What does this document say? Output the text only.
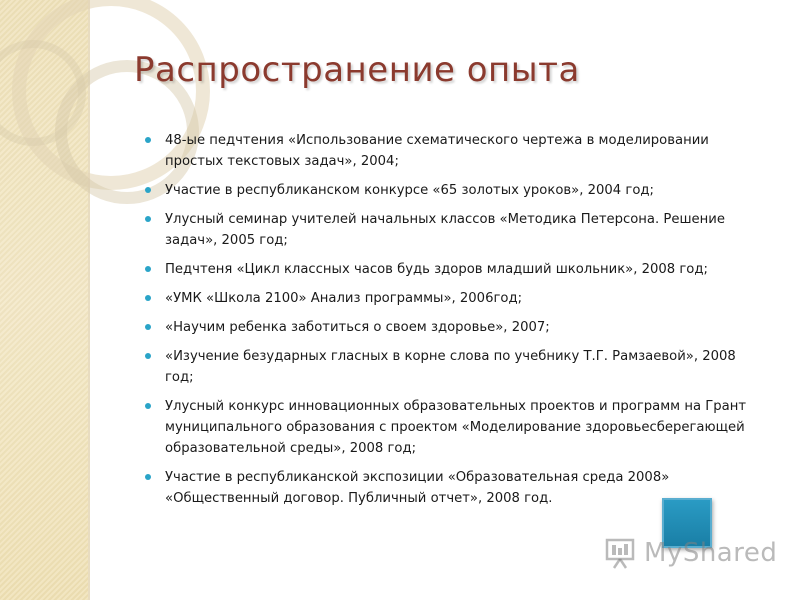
Распространение опыта
48-ые педчтения «Использование схематического чертежа в моделировании простых текстовых задач», 2004;
Участие в республиканском конкурсе «65 золотых уроков», 2004 год;
Улусный семинар учителей начальных классов «Методика Петерсона. Решение задач», 2005 год;
Педчтеня «Цикл классных часов будь здоров младший школьник», 2008 год;
«УМК «Школа 2100» Анализ программы», 2006год;
«Научим ребенка заботиться о своем здоровье», 2007;
«Изучение безударных гласных в корне слова по учебнику Т.Г. Рамзаевой», 2008 год;
Улусный конкурс инновационных образовательных проектов и программ на Грант муниципального образования с проектом «Моделирование здоровьесберегающей образовательной среды», 2008 год;
Участие в республиканской экспозиции «Образовательная среда 2008» «Общественный договор. Публичный отчет», 2008 год.
MyShared
